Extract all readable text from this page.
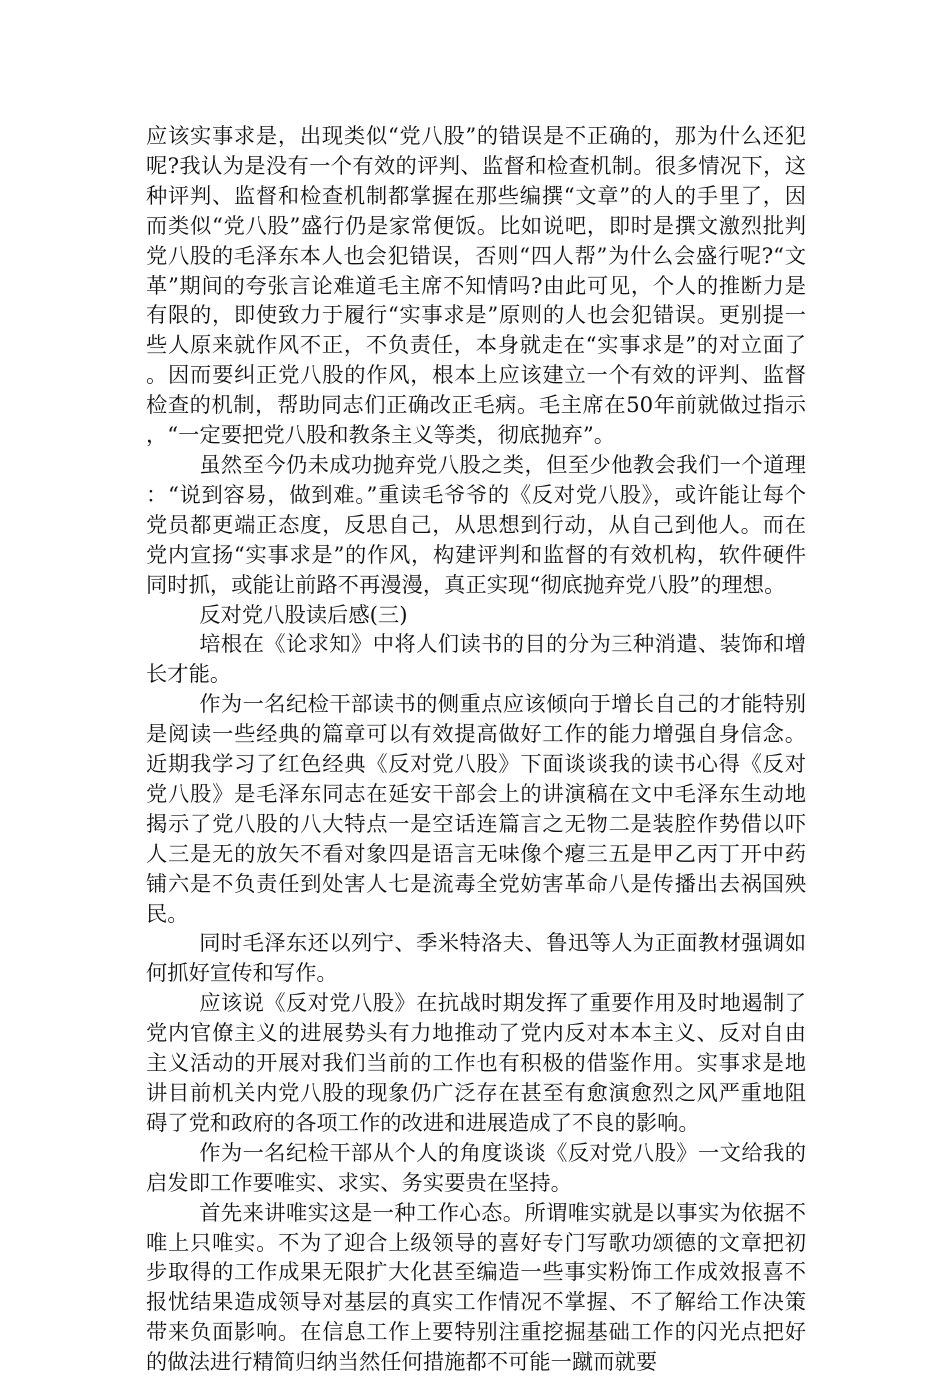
应该实事求是，出现类似“党八股”的错误是不正确的，那为什么还犯呢?我认为是没有一个有效的评判、监督和检查机制。很多情况下，这种评判、监督和检查机制都掌握在那些编撰“文章”的人的手里了，因而类似“党八股”盛行仍是家常便饭。比如说吧，即时是撰文激烈批判党八股的毛泽东本人也会犯错误，否则“四人帮”为什么会盛行呢?“文革”期间的夸张言论难道毛主席不知情吗?由此可见，个人的推断力是有限的，即使致力于履行“实事求是”原则的人也会犯错误。更别提一些人原来就作风不正，不负责任，本身就走在“实事求是”的对立面了。因而要纠正党八股的作风，根本上应该建立一个有效的评判、监督检查的机制，帮助同志们正确改正毛病。毛主席在50年前就做过指示，“一定要把党八股和教条主义等类，彻底抛弃”。

虽然至今仍未成功抛弃党八股之类，但至少他教会我们一个道理：“说到容易，做到难。”重读毛爷爷的《反对党八股》，或许能让每个党员都更端正态度，反思自己，从思想到行动，从自己到他人。而在党内宣扬“实事求是”的作风，构建评判和监督的有效机构，软件硬件同时抓，或能让前路不再漫漫，真正实现“彻底抛弃党八股”的理想。

反对党八股读后感(三)

培根在《论求知》中将人们读书的目的分为三种消遣、装饰和增长才能。

作为一名纪检干部读书的侧重点应该倾向于增长自己的才能特别是阅读一些经典的篇章可以有效提高做好工作的能力增强自身信念。近期我学习了红色经典《反对党八股》下面谈谈我的读书心得《反对党八股》是毛泽东同志在延安干部会上的讲演稿在文中毛泽东生动地揭示了党八股的八大特点一是空话连篇言之无物二是装腔作势借以吓人三是无的放矢不看对象四是语言无味像个瘪三五是甲乙丙丁开中药铺六是不负责任到处害人七是流毒全党妨害革命八是传播出去祸国殃民。

同时毛泽东还以列宁、季米特洛夫、鲁迅等人为正面教材强调如何抓好宣传和写作。

应该说《反对党八股》在抗战时期发挥了重要作用及时地遏制了党内官僚主义的进展势头有力地推动了党内反对本本主义、反对自由主义活动的开展对我们当前的工作也有积极的借鉴作用。实事求是地讲目前机关内党八股的现象仍广泛存在甚至有愈演愈烈之风严重地阻碍了党和政府的各项工作的改进和进展造成了不良的影响。

作为一名纪检干部从个人的角度谈谈《反对党八股》一文给我的启发即工作要唯实、求实、务实要贵在坚持。

首先来讲唯实这是一种工作心态。所谓唯实就是以事实为依据不唯上只唯实。不为了迎合上级领导的喜好专门写歌功颂德的文章把初步取得的工作成果无限扩大化甚至编造一些事实粉饰工作成效报喜不报忧结果造成领导对基层的真实工作情况不掌握、不了解给工作决策带来负面影响。在信息工作上要特别注重挖掘基础工作的闪光点把好的做法进行精简归纳当然任何措施都不可能一蹴而就要
